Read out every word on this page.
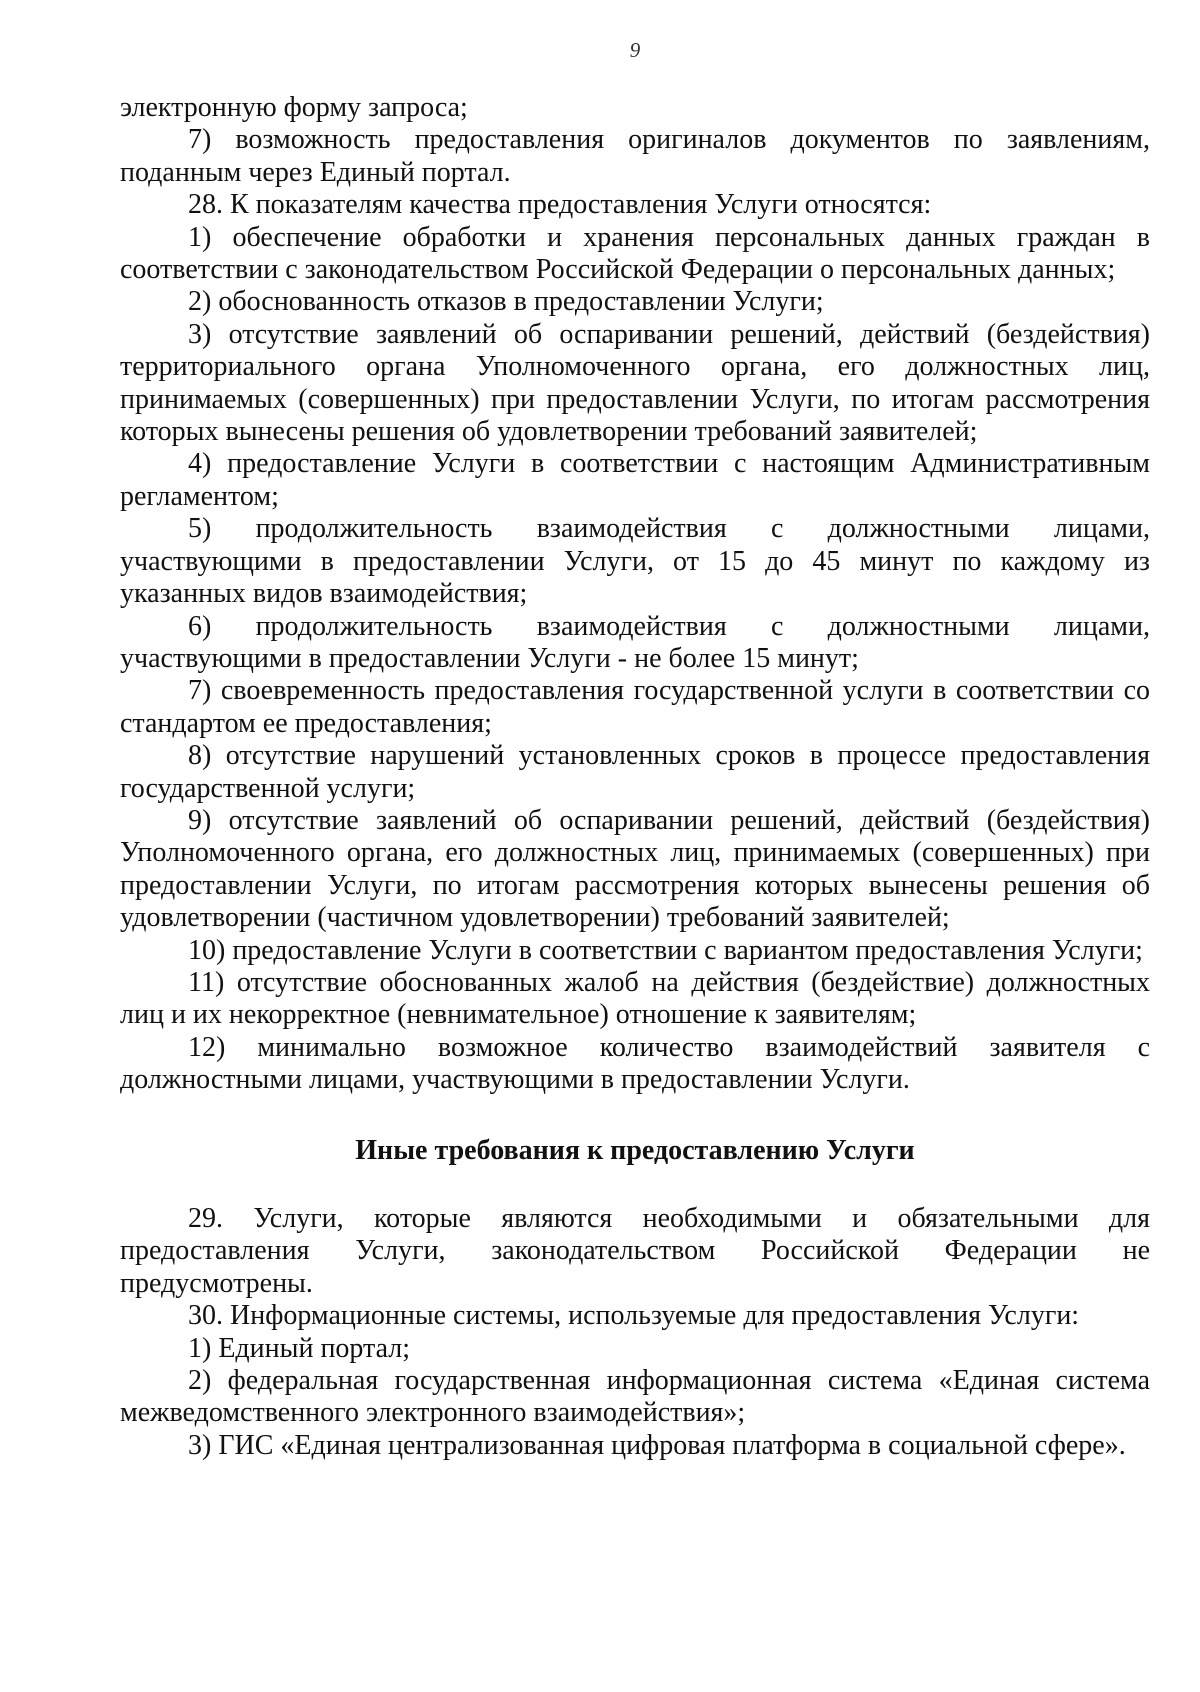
9

электронную форму запроса;

7) возможность предоставления оригиналов документов по заявлениям, поданным через Единый портал.

28. К показателям качества предоставления Услуги относятся:

1) обеспечение обработки и хранения персональных данных граждан в соответствии с законодательством Российской Федерации о персональных данных;

2) обоснованность отказов в предоставлении Услуги;

3) отсутствие заявлений об оспаривании решений, действий (бездействия) территориального органа Уполномоченного органа, его должностных лиц, принимаемых (совершенных) при предоставлении Услуги, по итогам рассмотрения которых вынесены решения об удовлетворении требований заявителей;

4) предоставление Услуги в соответствии с настоящим Административным регламентом;

5) продолжительность взаимодействия с должностными лицами, участвующими в предоставлении Услуги, от 15 до 45 минут по каждому из указанных видов взаимодействия;

6) продолжительность взаимодействия с должностными лицами, участвующими в предоставлении Услуги - не более 15 минут;

7) своевременность предоставления государственной услуги в соответствии со стандартом ее предоставления;

8) отсутствие нарушений установленных сроков в процессе предоставления государственной услуги;

9) отсутствие заявлений об оспаривании решений, действий (бездействия) Уполномоченного органа, его должностных лиц, принимаемых (совершенных) при предоставлении Услуги, по итогам рассмотрения которых вынесены решения об удовлетворении (частичном удовлетворении) требований заявителей;

10) предоставление Услуги в соответствии с вариантом предоставления Услуги;

11) отсутствие обоснованных жалоб на действия (бездействие) должностных лиц и их некорректное (невнимательное) отношение к заявителям;

12) минимально возможное количество взаимодействий заявителя с должностными лицами, участвующими в предоставлении Услуги.

Иные требования к предоставлению Услуги

29. Услуги, которые являются необходимыми и обязательными для предоставления Услуги, законодательством Российской Федерации не предусмотрены.

30. Информационные системы, используемые для предоставления Услуги:

1) Единый портал;

2) федеральная государственная информационная система «Единая система межведомственного электронного взаимодействия»;

3) ГИС «Единая централизованная цифровая платформа в социальной сфере».
